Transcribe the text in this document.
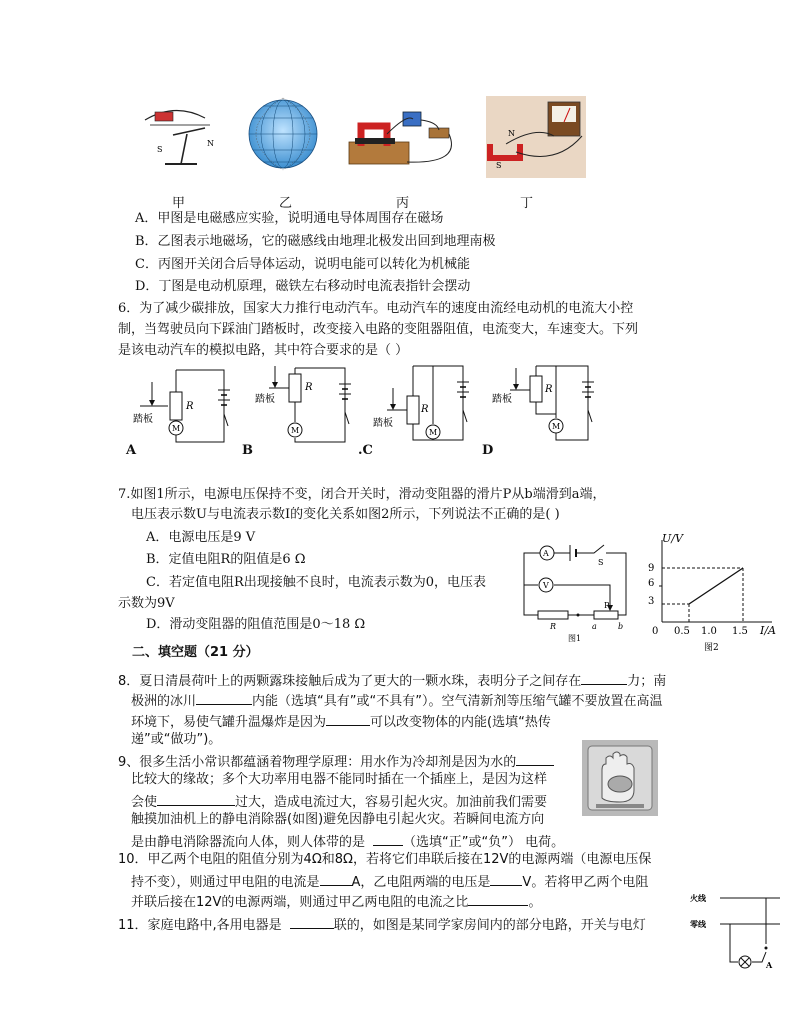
N
S
N
S
甲	乙	丙	丁
A．甲图是电磁感应实验，说明通电导体周围存在磁场
B．乙图表示地磁场，它的磁感线由地理北极发出回到地理南极
C．丙图开关闭合后导体运动，说明电能可以转化为机械能
D．丁图是电动机原理，磁铁左右移动时电流表指针会摆动
6．为了减少碳排放，国家大力推行电动汽车。电动汽车的速度由流经电动机的电流大小控
制，当驾驶员向下踩油门踏板时，改变接入电路的变阻器阻值，电流变大，车速变大。下列
是该电动汽车的模拟电路，其中符合要求的是（ ）
R
M
踏板
R
M
踏板
R
M
踏板
R
M
踏板
A	B	.C	D
7.如图1所示，电源电压保持不变，闭合开关时，滑动变阻器的滑片P从b端滑到a端，
电压表示数U与电流表示数I的变化关系如图2所示，下列说法不正确的是( )
A．电源电压是9 V
B．定值电阻R的阻值是6 Ω
C．若定值电阻R出现接触不良时，电流表示数为0，电压表
示数为9V
D．滑动变阻器的阻值范围是0～18 Ω
A
V
S
R
P
a	b
图1
U/V
I/A
图2
9
6
3
0 0.5 1.0 1.5
二、填空题（21 分）
8．夏日清晨荷叶上的两颗露珠接触后成为了更大的一颗水珠，表明分子之间存在	力；南
极洲的冰川	内能（选填“具有”或“不具有”）。空气清新剂等压缩气罐不要放置在高温
环境下，易使气罐升温爆炸是因为	可以改变物体的内能(选填“热传
递”或“做功”)。
9、很多生活小常识都蕴涵着物理学原理：用水作为冷却剂是因为水的
比较大的缘故；多个大功率用电器不能同时插在一个插座上，是因为这样
会使	过大，造成电流过大，容易引起火灾。加油前我们需要
触摸加油机上的静电消除器(如图)避免因静电引起火灾。若瞬间电流方向
是由静电消除器流向人体，则人体带的是	（选填“正”或“负”） 电荷。
10．甲乙两个电阻的阻值分别为4Ω和8Ω，若将它们串联后接在12V的电源两端（电源电压保
持不变），则通过甲电阻的电流是 A，乙电阻两端的电压是 V。若将甲乙两个电阻
并联后接在12V的电源两端，则通过甲乙两电阻的电流之比	。
11．家庭电路中,各用电器是	联的，如图是某同学家房间内的部分电路，开关与电灯
火线
零线
A
